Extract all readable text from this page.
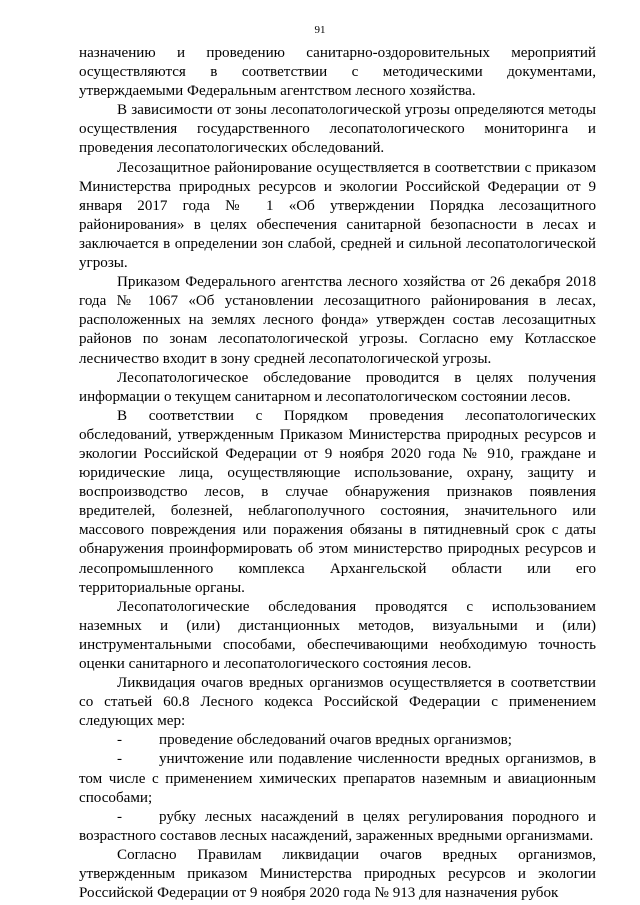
91

назначению и проведению санитарно-оздоровительных мероприятий осуществляются в соответствии с методическими документами, утверждаемыми Федеральным агентством лесного хозяйства.

В зависимости от зоны лесопатологической угрозы определяются методы осуществления государственного лесопатологического мониторинга и проведения лесопатологических обследований.

Лесозащитное районирование осуществляется в соответствии с приказом Министерства природных ресурсов и экологии Российской Федерации от 9 января 2017 года № 1 «Об утверждении Порядка лесозащитного районирования» в целях обеспечения санитарной безопасности в лесах и заключается в определении зон слабой, средней и сильной лесопатологической угрозы.

Приказом Федерального агентства лесного хозяйства от 26 декабря 2018 года № 1067 «Об установлении лесозащитного районирования в лесах, расположенных на землях лесного фонда» утвержден состав лесозащитных районов по зонам лесопатологической угрозы. Согласно ему Котласское лесничество входит в зону средней лесопатологической угрозы.

Лесопатологическое обследование проводится в целях получения информации о текущем санитарном и лесопатологическом состоянии лесов.

В соответствии с Порядком проведения лесопатологических обследований, утвержденным Приказом Министерства природных ресурсов и экологии Российской Федерации от 9 ноября 2020 года № 910, граждане и юридические лица, осуществляющие использование, охрану, защиту и воспроизводство лесов, в случае обнаружения признаков появления вредителей, болезней, неблагополучного состояния, значительного или массового повреждения или поражения обязаны в пятидневный срок с даты обнаружения проинформировать об этом министерство природных ресурсов и лесопромышленного комплекса Архангельской области или его территориальные органы.

Лесопатологические обследования проводятся с использованием наземных и (или) дистанционных методов, визуальными и (или) инструментальными способами, обеспечивающими необходимую точность оценки санитарного и лесопатологического состояния лесов.

Ликвидация очагов вредных организмов осуществляется в соответствии со статьей 60.8 Лесного кодекса Российской Федерации с применением следующих мер:

-	проведение обследований очагов вредных организмов;
-	уничтожение или подавление численности вредных организмов, в том числе с применением химических препаратов наземным и авиационным способами;
-	рубку лесных насаждений в целях регулирования породного и возрастного составов лесных насаждений, зараженных вредными организмами.

Согласно Правилам ликвидации очагов вредных организмов, утвержденным приказом Министерства природных ресурсов и экологии Российской Федерации от 9 ноября 2020 года № 913 для назначения рубок
